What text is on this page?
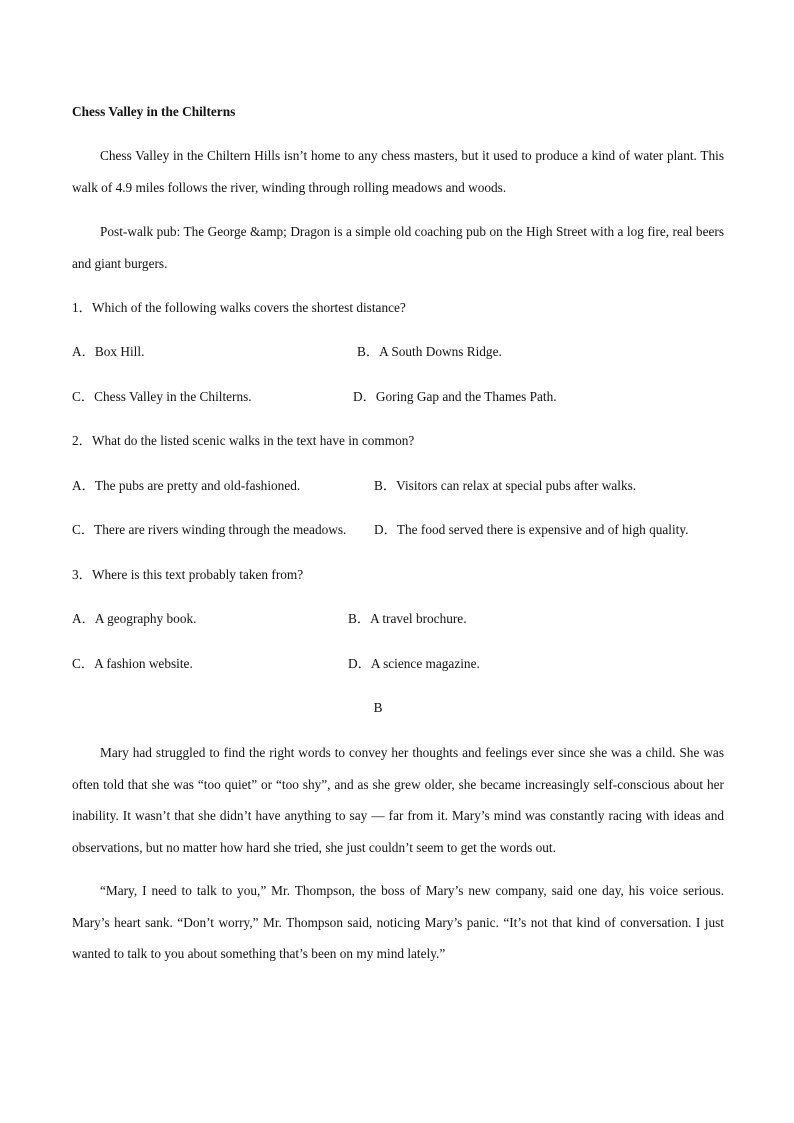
Chess Valley in the Chilterns
Chess Valley in the Chiltern Hills isn’t home to any chess masters, but it used to produce a kind of water plant. This walk of 4.9 miles follows the river, winding through rolling meadows and woods.
Post-walk pub: The George &amp; Dragon is a simple old coaching pub on the High Street with a log fire, real beers and giant burgers.
1．Which of the following walks covers the shortest distance?
A．Box Hill.	B．A South Downs Ridge.
C．Chess Valley in the Chilterns.	D．Goring Gap and the Thames Path.
2．What do the listed scenic walks in the text have in common?
A．The pubs are pretty and old-fashioned.	B．Visitors can relax at special pubs after walks.
C．There are rivers winding through the meadows. D．The food served there is expensive and of high quality.
3．Where is this text probably taken from?
A．A geography book.	B．A travel brochure.
C．A fashion website.	D．A science magazine.
B
Mary had struggled to find the right words to convey her thoughts and feelings ever since she was a child. She was often told that she was “too quiet” or “too shy”, and as she grew older, she became increasingly self-conscious about her inability. It wasn’t that she didn’t have anything to say — far from it. Mary’s mind was constantly racing with ideas and observations, but no matter how hard she tried, she just couldn’t seem to get the words out.
“Mary, I need to talk to you,” Mr. Thompson, the boss of Mary’s new company, said one day, his voice serious. Mary’s heart sank. “Don’t worry,” Mr. Thompson said, noticing Mary’s panic. “It’s not that kind of conversation. I just wanted to talk to you about something that’s been on my mind lately.”
